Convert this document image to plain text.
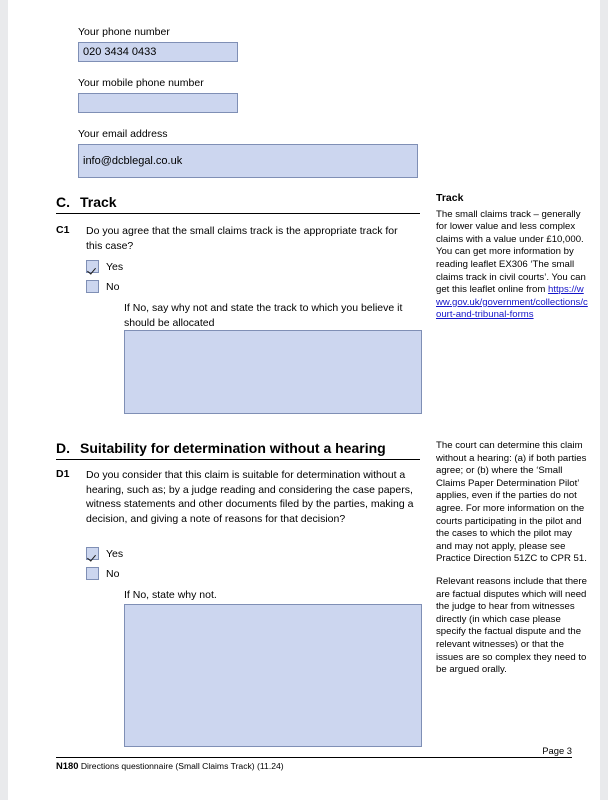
Your phone number
020 3434 0433
Your mobile phone number
Your email address
info@dcblegal.co.uk
C. Track
C1 Do you agree that the small claims track is the appropriate track for this case?
Yes
No
If No, say why not and state the track to which you believe it should be allocated
D. Suitability for determination without a hearing
D1 Do you consider that this claim is suitable for determination without a hearing, such as; by a judge reading and considering the case papers, witness statements and other documents filed by the parties, making a decision, and giving a note of reasons for that decision?
Yes
No
If No, state why not.
Track

The small claims track – generally for lower value and less complex claims with a value under £10,000. You can get more information by reading leaflet EX306 ‘The small claims track in civil courts’. You can get this leaflet online from https://www.gov.uk/government/collections/court-and-tribunal-forms

The court can determine this claim without a hearing: (a) if both parties agree; or (b) where the ‘Small Claims Paper Determination Pilot’ applies, even if the parties do not agree. For more information on the courts participating in the pilot and the cases to which the pilot may and may not apply, please see Practice Direction 51ZC to CPR 51.

Relevant reasons include that there are factual disputes which will need the judge to hear from witnesses directly (in which case please specify the factual dispute and the relevant witnesses) or that the issues are so complex they need to be argued orally.

Page 3
N180 Directions questionnaire (Small Claims Track) (11.24)
